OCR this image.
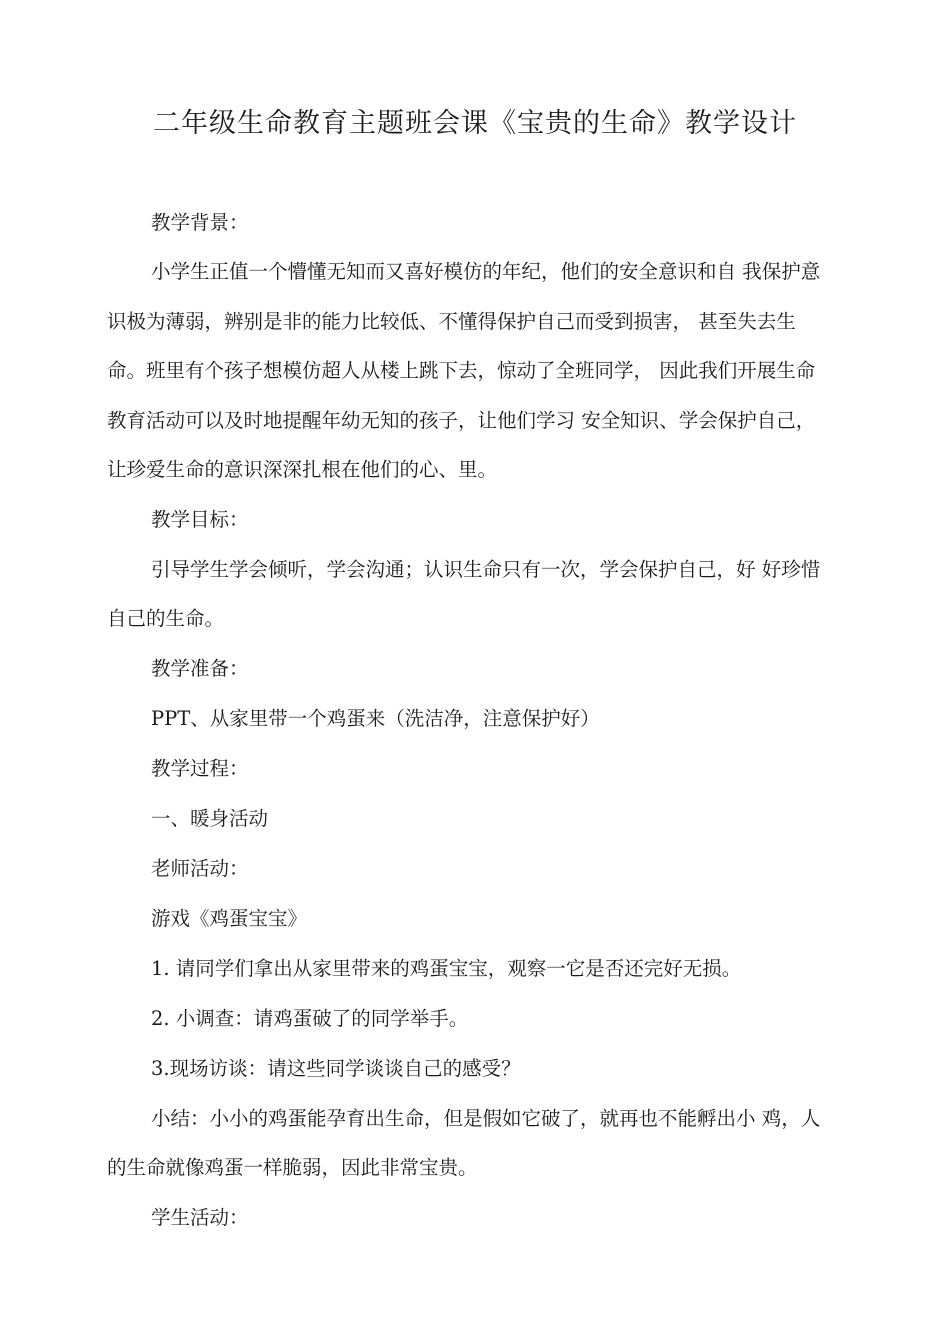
二年级生命教育主题班会课《宝贵的生命》教学设计
教学背景：
小学生正值一个懵懂无知而又喜好模仿的年纪，他们的安全意识和自 我保护意
识极为薄弱，辨别是非的能力比较低、不懂得保护自己而受到损害， 甚至失去生
命。班里有个孩子想模仿超人从楼上跳下去，惊动了全班同学， 因此我们开展生命
教育活动可以及时地提醒年幼无知的孩子，让他们学习 安全知识、学会保护自己，
让珍爱生命的意识深深扎根在他们的心、里。
教学目标：
引导学生学会倾听，学会沟通；认识生命只有一次，学会保护自己，好 好珍惜
自己的生命。
教学准备：
PPT、从家里带一个鸡蛋来（洗洁净，注意保护好）
教学过程：
一、暖身活动
老师活动：
游戏《鸡蛋宝宝》
1. 请同学们拿出从家里带来的鸡蛋宝宝，观察一它是否还完好无损。
2. 小调查：请鸡蛋破了的同学举手。
3.现场访谈：请这些同学谈谈自己的感受？
小结：小小的鸡蛋能孕育出生命，但是假如它破了，就再也不能孵出小 鸡，人
的生命就像鸡蛋一样脆弱，因此非常宝贵。
学生活动：
